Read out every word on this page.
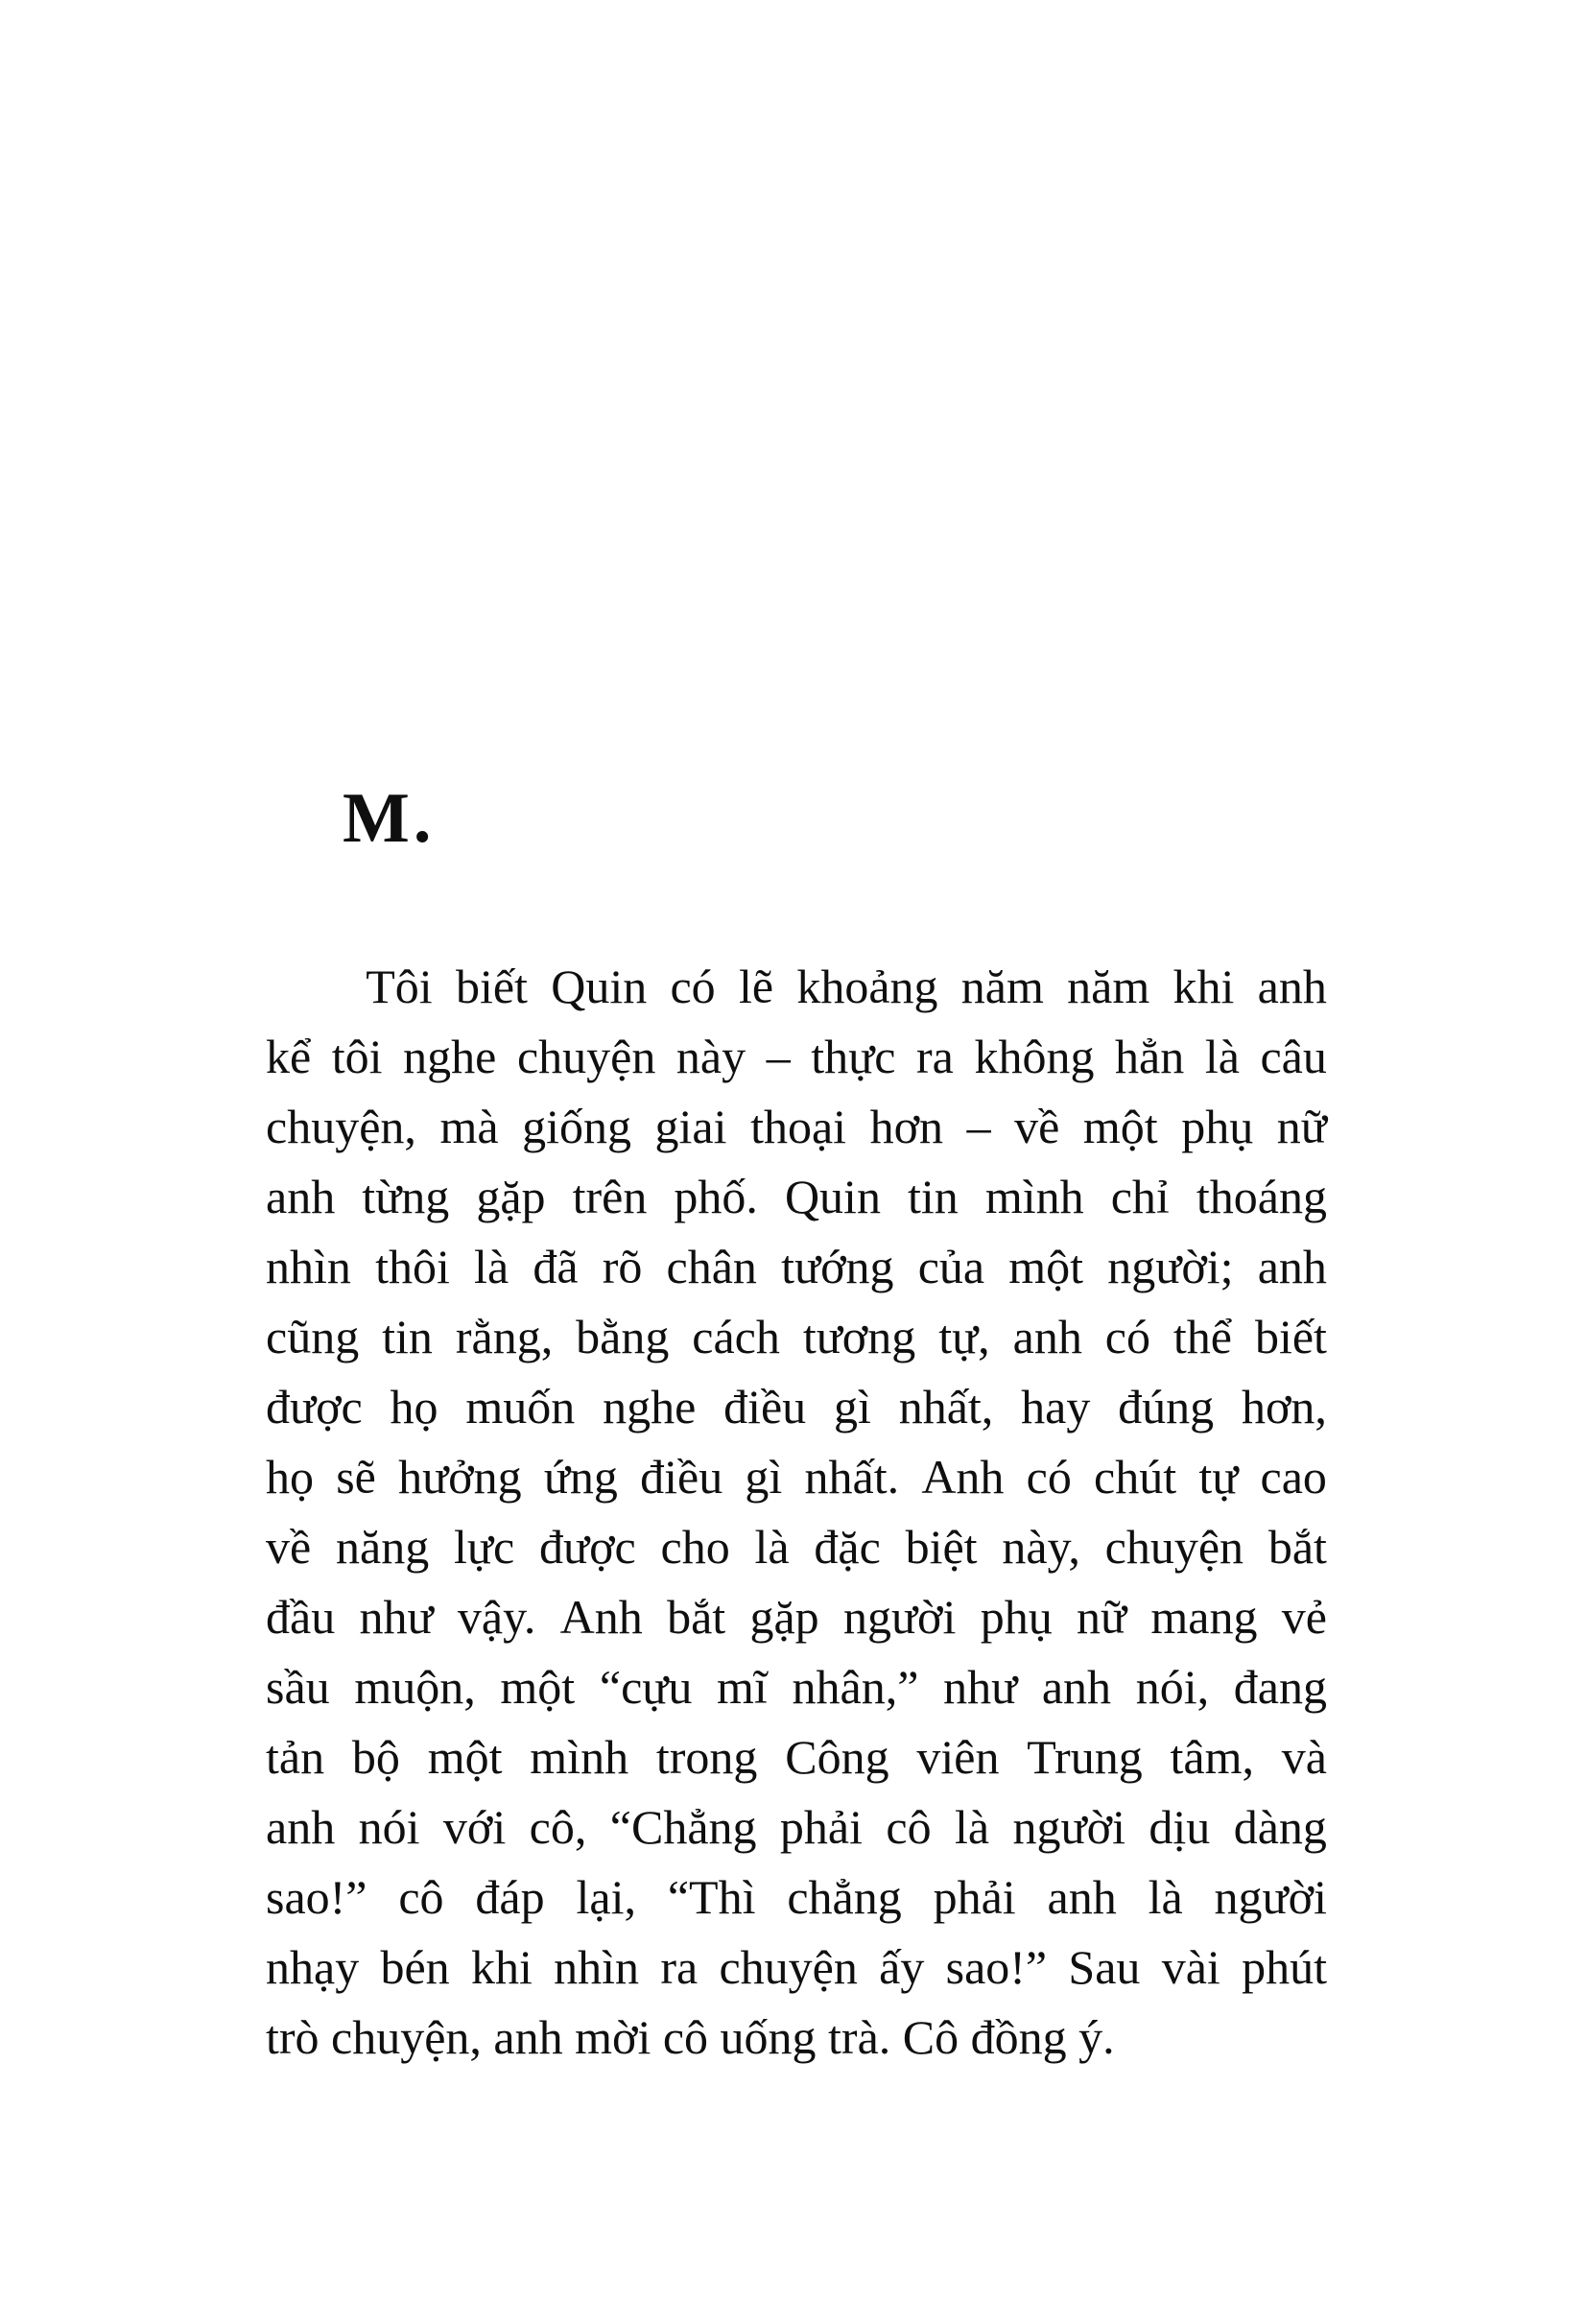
M.
Tôi biết Quin có lẽ khoảng năm năm khi anh
kể tôi nghe chuyện này – thực ra không hẳn là câu
chuyện, mà giống giai thoại hơn – về một phụ nữ
anh từng gặp trên phố. Quin tin mình chỉ thoáng
nhìn thôi là đã rõ chân tướng của một người; anh
cũng tin rằng, bằng cách tương tự, anh có thể biết
được họ muốn nghe điều gì nhất, hay đúng hơn,
họ sẽ hưởng ứng điều gì nhất. Anh có chút tự cao
về năng lực được cho là đặc biệt này, chuyện bắt
đầu như vậy. Anh bắt gặp người phụ nữ mang vẻ
sầu muộn, một “cựu mĩ nhân,” như anh nói, đang
tản bộ một mình trong Công viên Trung tâm, và
anh nói với cô, “Chẳng phải cô là người dịu dàng
sao!” cô đáp lại, “Thì chẳng phải anh là người
nhạy bén khi nhìn ra chuyện ấy sao!” Sau vài phút
trò chuyện, anh mời cô uống trà. Cô đồng ý.
